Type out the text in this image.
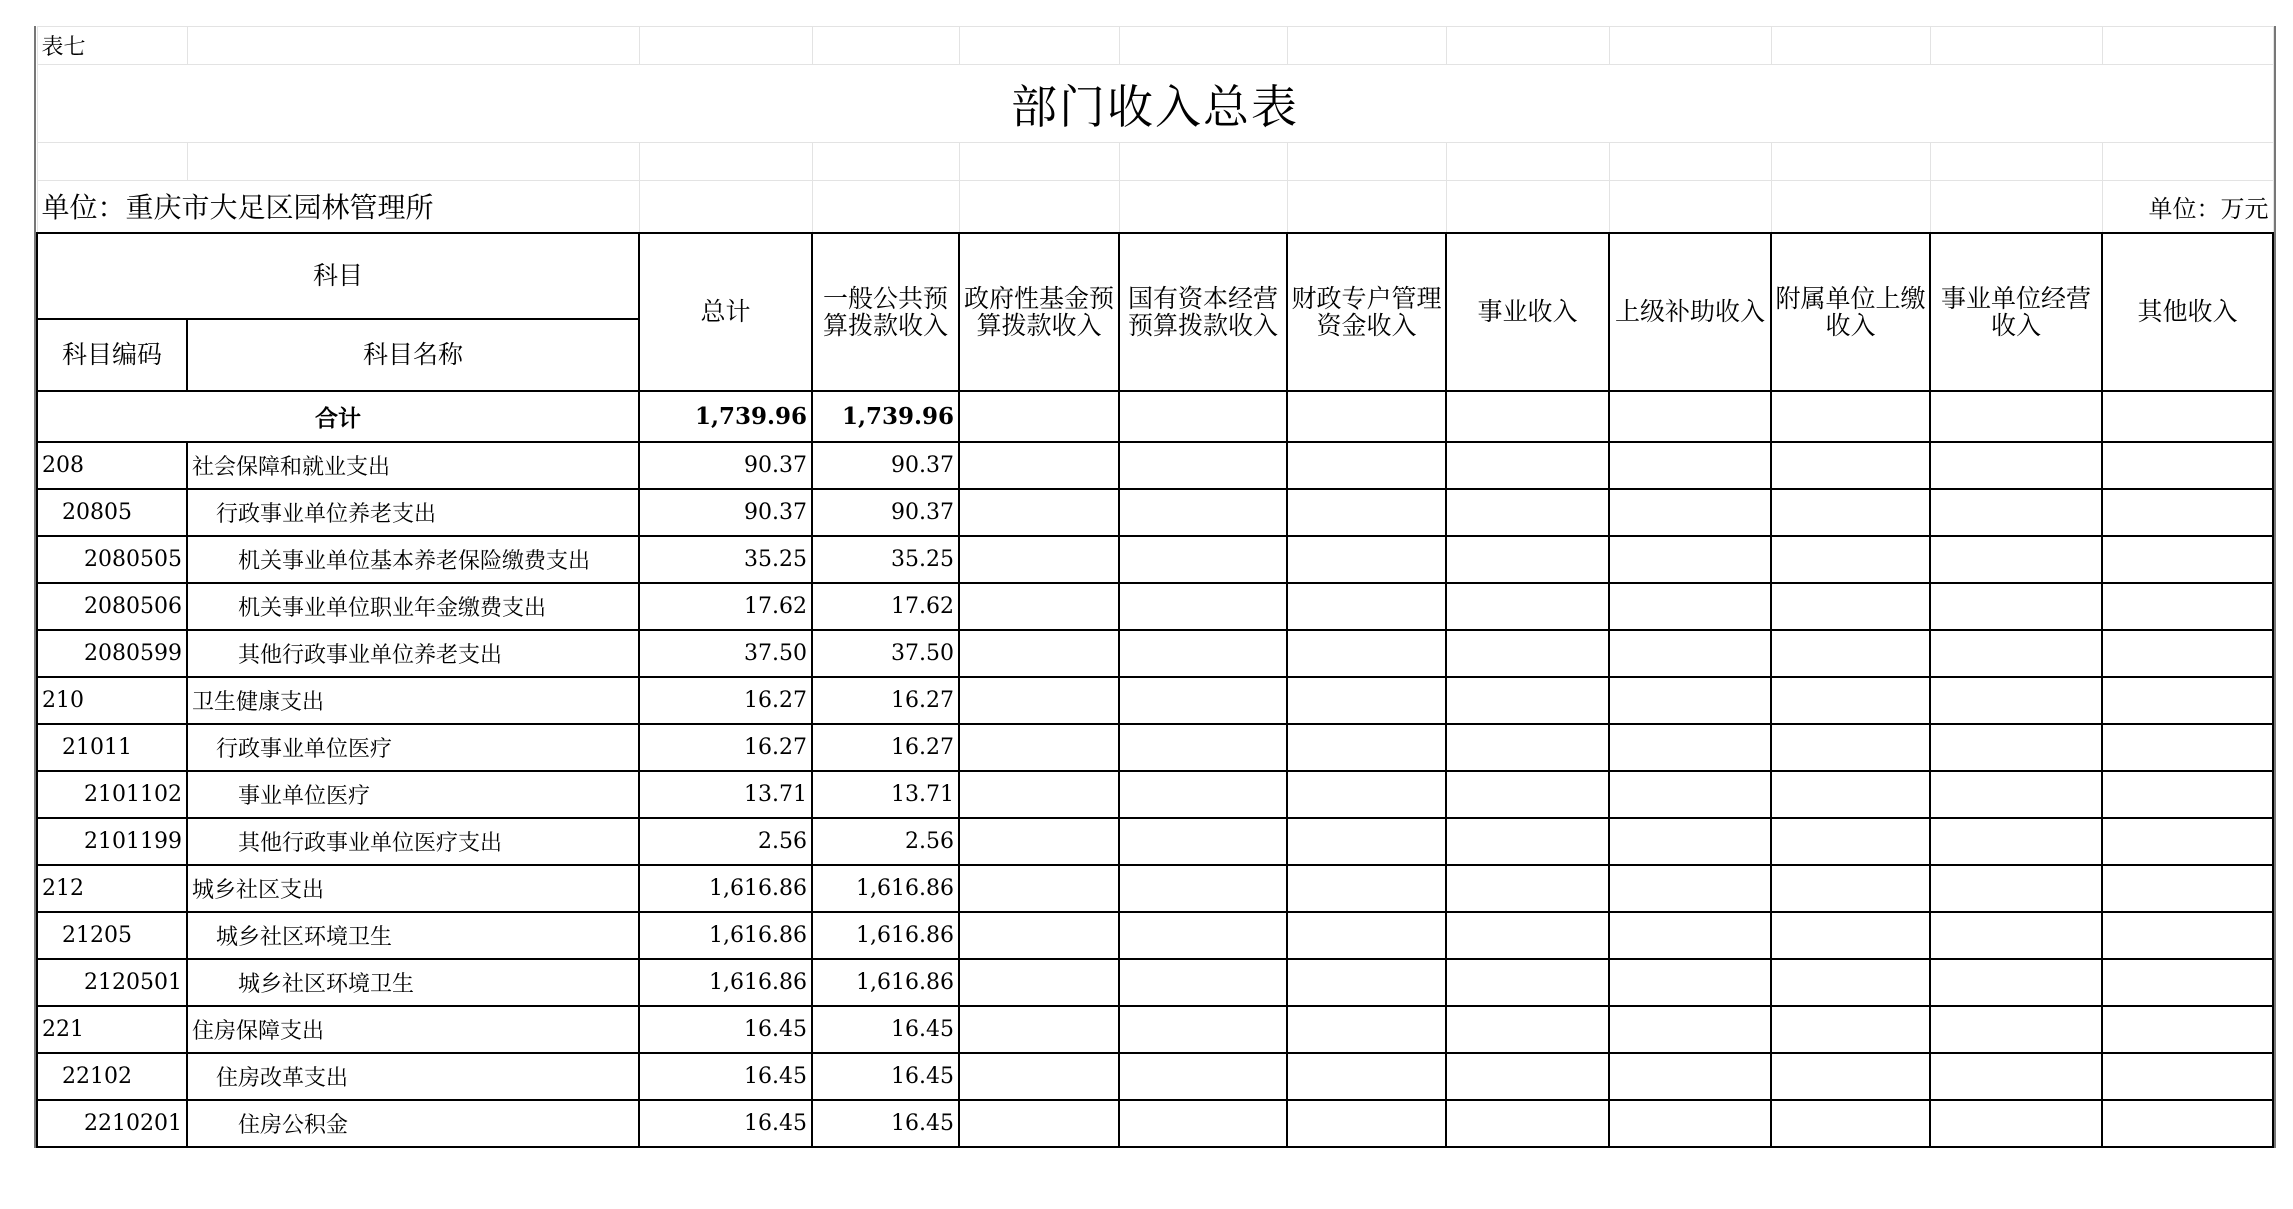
表七											
部门收入总表											

单位：重庆市大足区园林管理所											单位：万元
科目		总计	一般公共预算拨款收入	政府性基金预算拨款收入	国有资本经营预算拨款收入	财政专户管理资金收入	事业收入	上级补助收入	附属单位上缴收入	事业单位经营收入	其他收入
科目编码	科目名称										
合计		1,739.96	1,739.96								
208	社会保障和就业支出	90.37	90.37								
20805	行政事业单位养老支出	90.37	90.37								
2080505	机关事业单位基本养老保险缴费支出	35.25	35.25								
2080506	机关事业单位职业年金缴费支出	17.62	17.62								
2080599	其他行政事业单位养老支出	37.50	37.50								
210	卫生健康支出	16.27	16.27								
21011	行政事业单位医疗	16.27	16.27								
2101102	事业单位医疗	13.71	13.71								
2101199	其他行政事业单位医疗支出	2.56	2.56								
212	城乡社区支出	1,616.86	1,616.86								
21205	城乡社区环境卫生	1,616.86	1,616.86								
2120501	城乡社区环境卫生	1,616.86	1,616.86								
221	住房保障支出	16.45	16.45								
22102	住房改革支出	16.45	16.45								
2210201	住房公积金	16.45	16.45								
